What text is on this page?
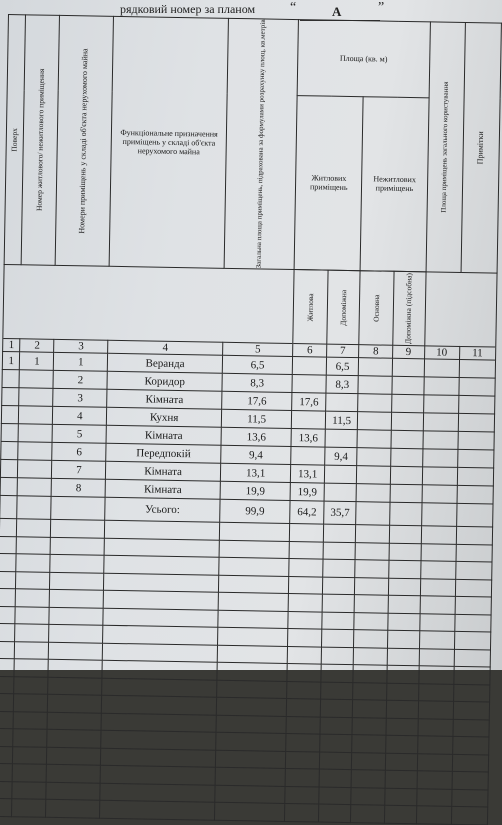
рядковий номер за планом “	А	”
Поверх	Номер житлового/ нежитлового приміщення	Номери приміщень у складі об'єкта нерухомого майна	Функціональне призначення приміщень у складі об'єкта нерухомого майна	Загальна площа приміщень, підрахована за формулами розрахунку площ, кв.метрів	Площа (кв. м)				Площа приміщень загального користування	Примітки

					Житлових приміщень		Нежитлових приміщень			

					Житлова	Допоміжна	Основна	Допоміжна (підсобна)		

1	2	3	4	5	6	7	8	9	10	11
1	1	1	Веранда	6,5		6,5				
		2	Коридор	8,3		8,3				
		3	Кімната	17,6	17,6					
		4	Кухня	11,5		11,5				
		5	Кімната	13,6	13,6					
		6	Передпокій	9,4		9,4				
		7	Кімната	13,1	13,1					
		8	Кімната	19,9	19,9					
			Усього:	99,9	64,2	35,7				
